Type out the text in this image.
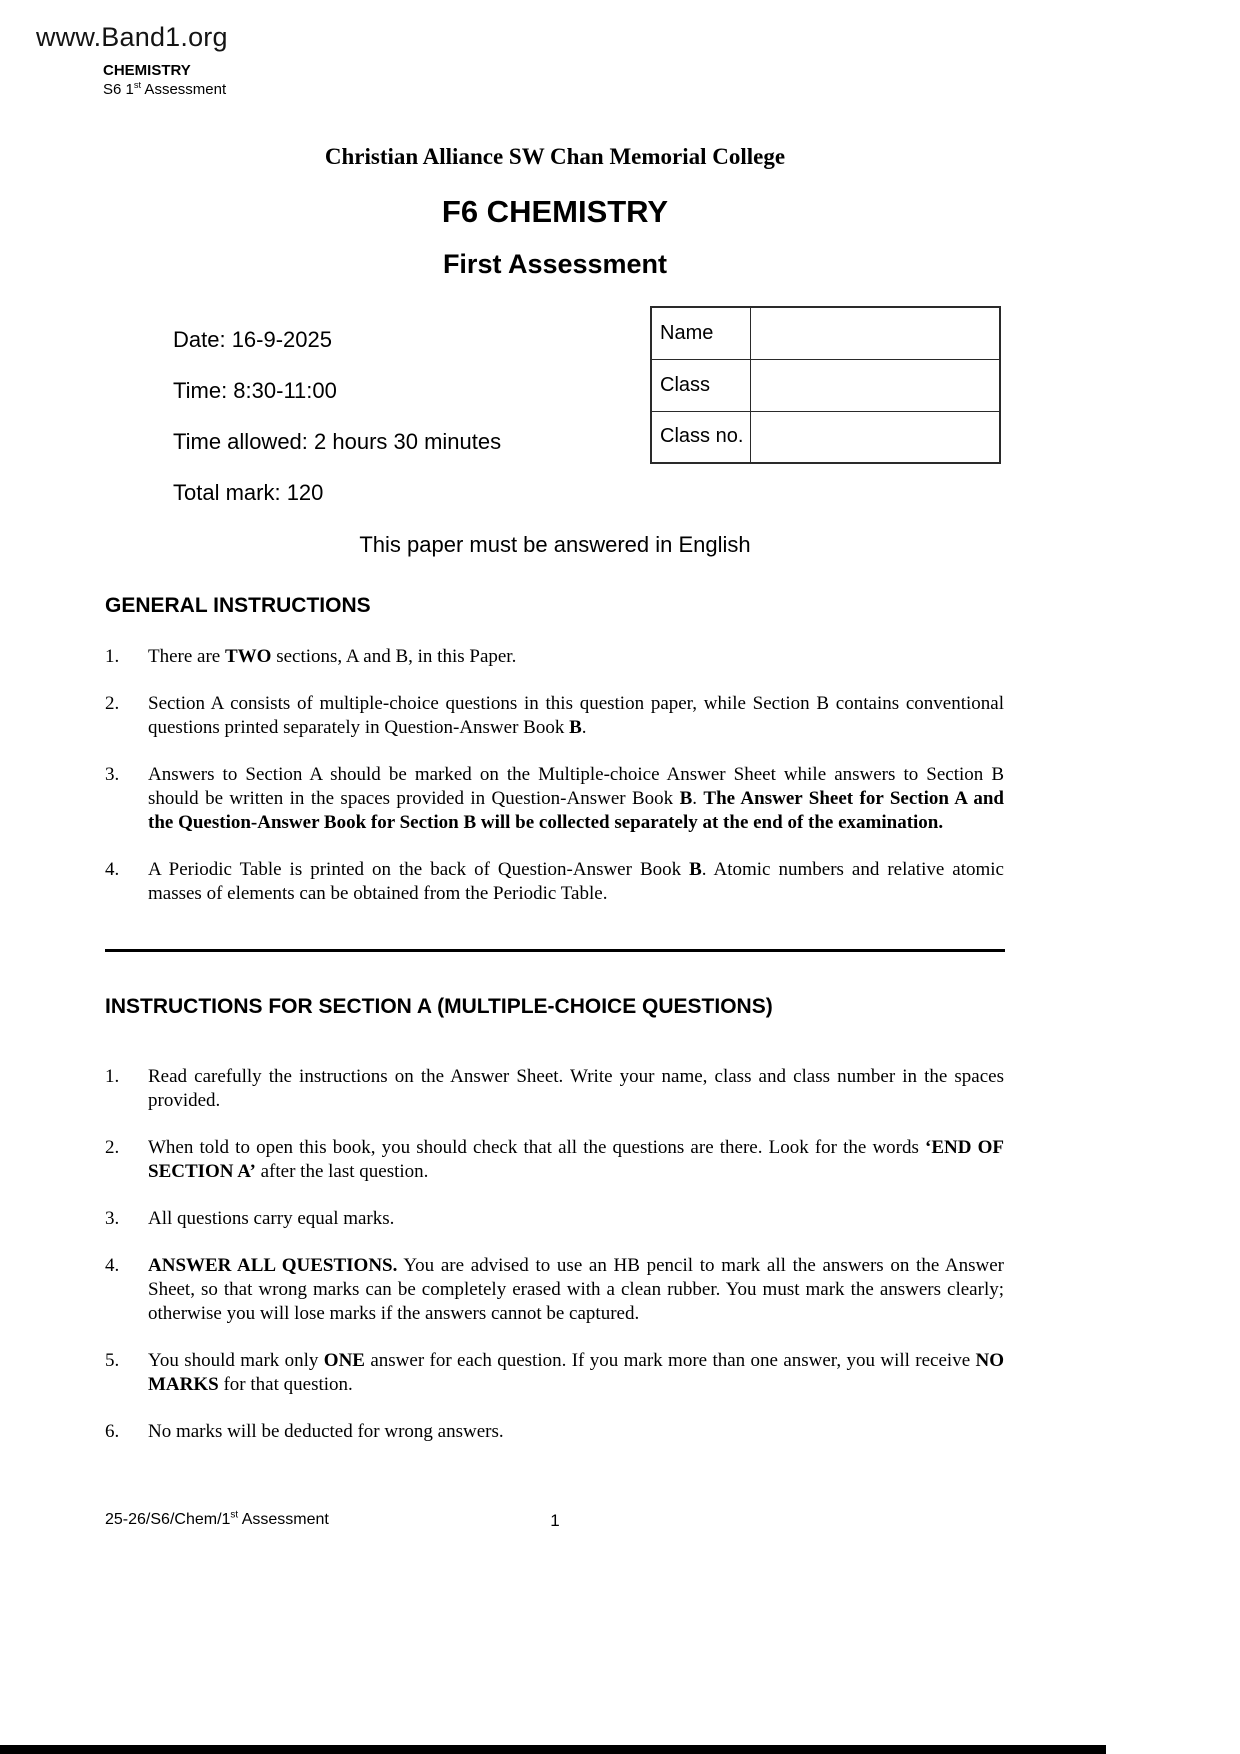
www.Band1.org
CHEMISTRY
S6 1st Assessment
Christian Alliance SW Chan Memorial College
F6 CHEMISTRY
First Assessment
Date: 16-9-2025
Time: 8:30-11:00
Time allowed: 2 hours 30 minutes
Total mark: 120
Name	
Class	
Class no.	
This paper must be answered in English
GENERAL INSTRUCTIONS
1.	There are TWO sections, A and B, in this Paper.
2.	Section A consists of multiple-choice questions in this question paper, while Section B contains conventional questions printed separately in Question-Answer Book B.
3.	Answers to Section A should be marked on the Multiple-choice Answer Sheet while answers to Section B should be written in the spaces provided in Question-Answer Book B. The Answer Sheet for Section A and the Question-Answer Book for Section B will be collected separately at the end of the examination.
4.	A Periodic Table is printed on the back of Question-Answer Book B. Atomic numbers and relative atomic masses of elements can be obtained from the Periodic Table.
INSTRUCTIONS FOR SECTION A (MULTIPLE-CHOICE QUESTIONS)
1.	Read carefully the instructions on the Answer Sheet. Write your name, class and class number in the spaces provided.
2.	When told to open this book, you should check that all the questions are there. Look for the words ‘END OF SECTION A’ after the last question.
3.	All questions carry equal marks.
4.	ANSWER ALL QUESTIONS. You are advised to use an HB pencil to mark all the answers on the Answer Sheet, so that wrong marks can be completely erased with a clean rubber. You must mark the answers clearly; otherwise you will lose marks if the answers cannot be captured.
5.	You should mark only ONE answer for each question. If you mark more than one answer, you will receive NO MARKS for that question.
6.	No marks will be deducted for wrong answers.
25-26/S6/Chem/1st Assessment	1
